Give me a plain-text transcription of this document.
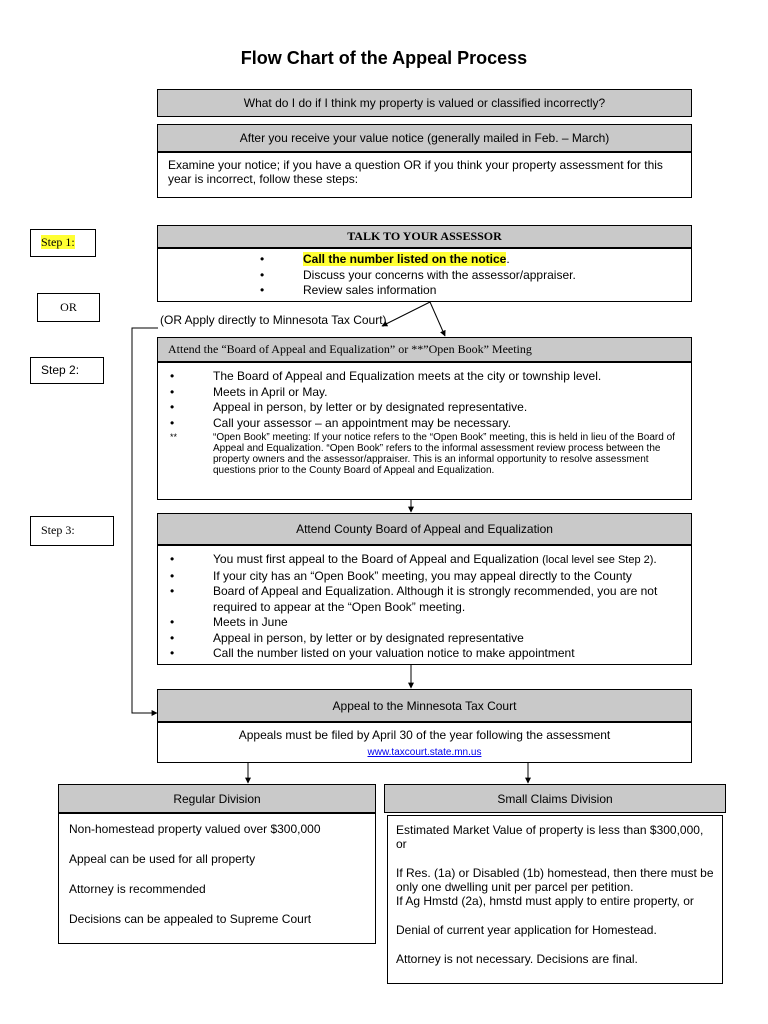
Flow Chart of the Appeal Process
What do I do if I think my property is valued or classified incorrectly?
After you receive your value notice (generally mailed in Feb. – March)
Examine your notice; if you have a question OR if you think your property assessment for this year is incorrect, follow these steps:
Step 1:	TALK TO YOUR ASSESSOR
•	Call the number listed on the notice.
•	Discuss your concerns with the assessor/appraiser.
•	Review sales information
OR
(OR Apply directly to Minnesota Tax Court)
Step 2:
Attend the “Board of Appeal and Equalization” or **”Open Book” Meeting
•	The Board of Appeal and Equalization meets at the city or township level.
•	Meets in April or May.
•	Appeal in person, by letter or by designated representative.
•	Call your assessor – an appointment may be necessary.
**	“Open Book” meeting: If your notice refers to the “Open Book” meeting, this is held in lieu of the Board of Appeal and Equalization. “Open Book” refers to the informal assessment review process between the property owners and the assessor/appraiser. This is an informal opportunity to resolve assessment questions prior to the County Board of Appeal and Equalization.
Step 3:	Attend County Board of Appeal and Equalization
•	You must first appeal to the Board of Appeal and Equalization (local level see Step 2).
•	If your city has an “Open Book” meeting, you may appeal directly to the County
•	Board of Appeal and Equalization. Although it is strongly recommended, you are not required to appear at the “Open Book” meeting.
•	Meets in June
•	Appeal in person, by letter or by designated representative
•	Call the number listed on your valuation notice to make appointment
Appeal to the Minnesota Tax Court
Appeals must be filed by April 30 of the year following the assessment
www.taxcourt.state.mn.us
Regular Division
Non-homestead property valued over $300,000
Appeal can be used for all property
Attorney is recommended
Decisions can be appealed to Supreme Court
Small Claims Division
Estimated Market Value of property is less than $300,000, or
If Res. (1a) or Disabled (1b) homestead, then there must be only one dwelling unit per parcel per petition.
If Ag Hmstd (2a), hmstd must apply to entire property, or
Denial of current year application for Homestead.
Attorney is not necessary. Decisions are final.
